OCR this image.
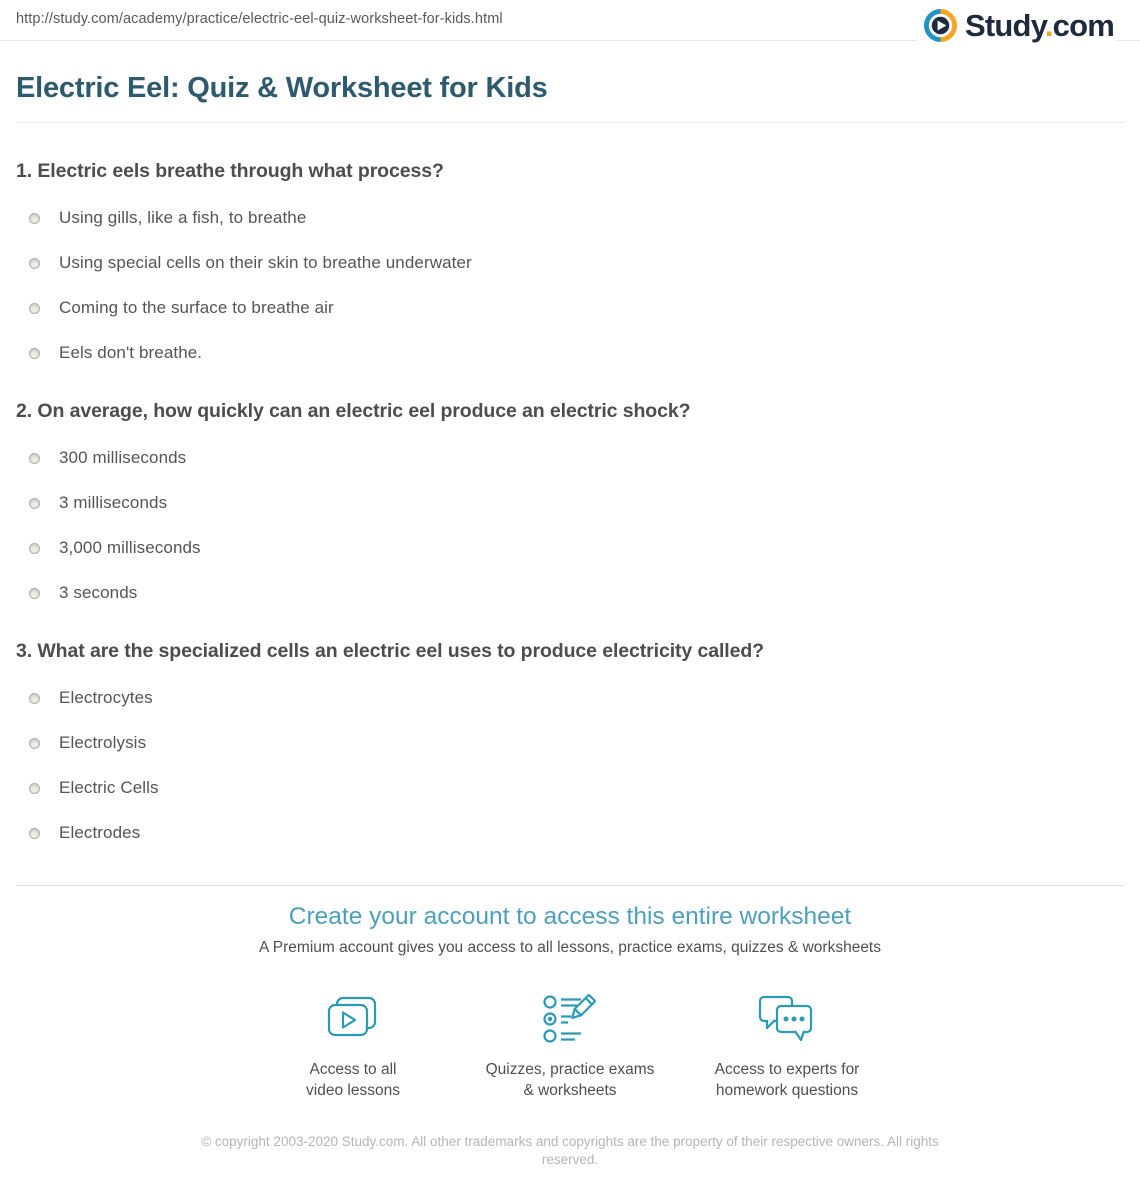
http://study.com/academy/practice/electric-eel-quiz-worksheet-for-kids.html	Study.com
Electric Eel: Quiz & Worksheet for Kids
1. Electric eels breathe through what process?
Using gills, like a fish, to breathe
Using special cells on their skin to breathe underwater
Coming to the surface to breathe air
Eels don't breathe.
2. On average, how quickly can an electric eel produce an electric shock?
300 milliseconds
3 milliseconds
3,000 milliseconds
3 seconds
3. What are the specialized cells an electric eel uses to produce electricity called?
Electrocytes
Electrolysis
Electric Cells
Electrodes
Create your account to access this entire worksheet
A Premium account gives you access to all lessons, practice exams, quizzes & worksheets
Access to all
video lessons
Quizzes, practice exams
& worksheets
Access to experts for
homework questions
© copyright 2003-2020 Study.com. All other trademarks and copyrights are the property of their respective owners. All rights reserved.
